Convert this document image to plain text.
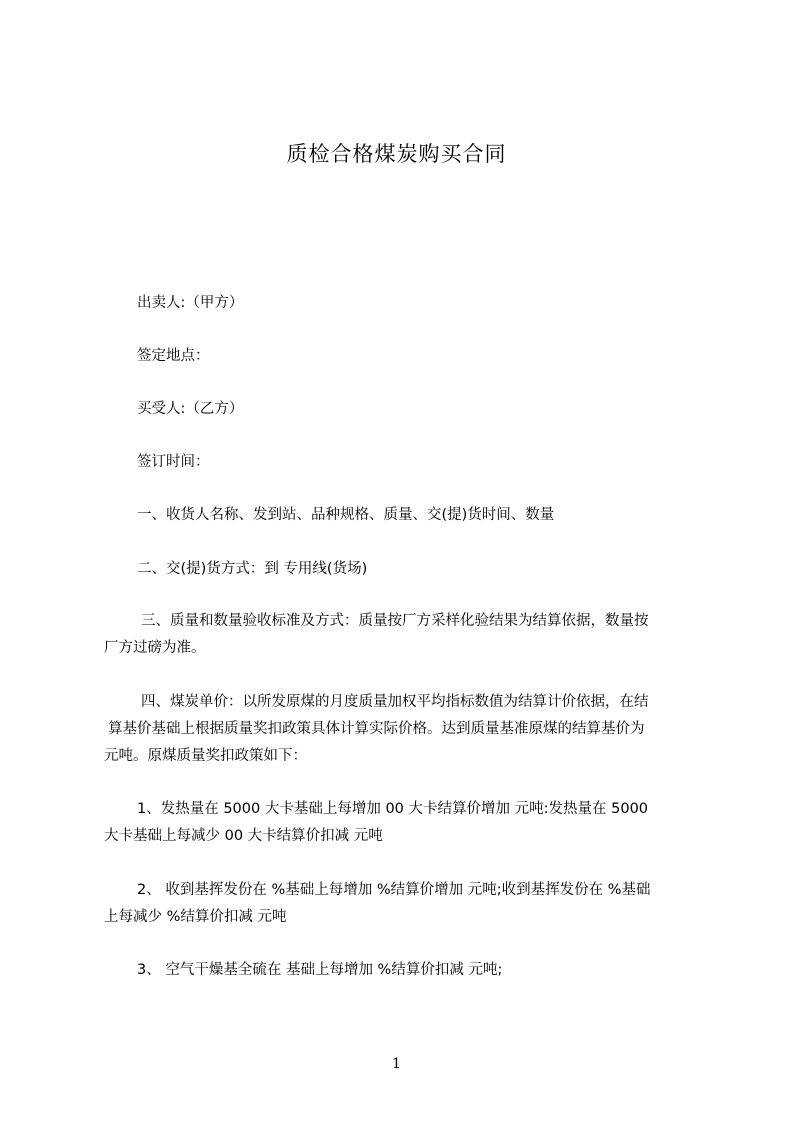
质检合格煤炭购买合同
出卖人:（甲方）
签定地点：
买受人:（乙方）
签订时间：
一、收货人名称、发到站、品种规格、质量、交(提)货时间、数量
二、交(提)货方式：到 专用线(货场)
三、质量和数量验收标准及方式：质量按厂方采样化验结果为结算依据，数量按
厂方过磅为准。
四、煤炭单价：以所发原煤的月度质量加权平均指标数值为结算计价依据，在结
算基价基础上根据质量奖扣政策具体计算实际价格。达到质量基准原煤的结算基价为
元吨。原煤质量奖扣政策如下：
1、发热量在 5000 大卡基础上每增加 00 大卡结算价增加 元吨:发热量在 5000
大卡基础上每减少 00 大卡结算价扣减 元吨
2、 收到基挥发份在 %基础上每增加 %结算价增加 元吨;收到基挥发份在 %基础
上每减少 %结算价扣减 元吨
3、 空气干燥基全硫在 基础上每增加 %结算价扣减 元吨;
1
